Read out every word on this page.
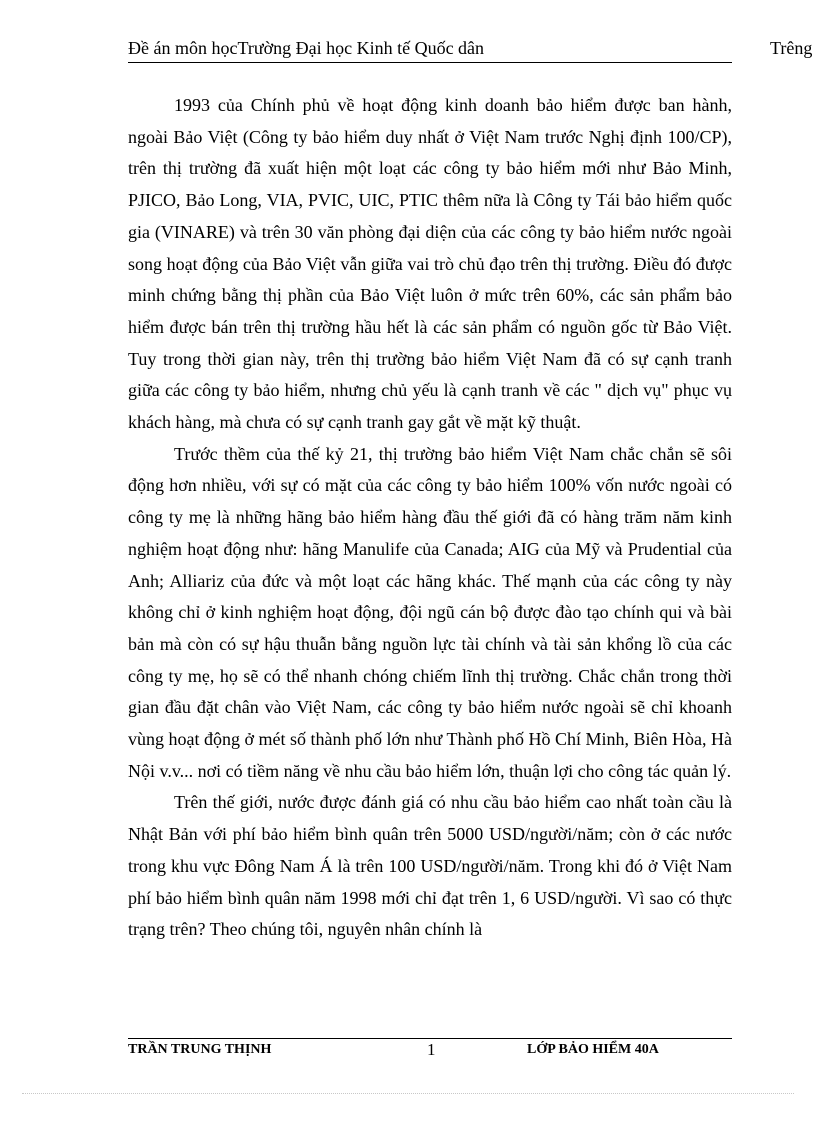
Đề án môn họcTrường Đại học Kinh tế Quốc dân	Trêng

1993 của Chính phủ về hoạt động kinh doanh bảo hiểm được ban hành, ngoài Bảo Việt (Công ty bảo hiểm duy nhất ở Việt Nam trước Nghị định 100/CP), trên thị trường đã xuất hiện một loạt các công ty bảo hiểm mới như Bảo Minh, PJICO, Bảo Long, VIA, PVIC, UIC, PTIC thêm nữa là Công ty Tái bảo hiểm quốc gia (VINARE) và trên 30 văn phòng đại diện của các công ty bảo hiểm nước ngoài song hoạt động của Bảo Việt vẫn giữa vai trò chủ đạo trên thị trường. Điều đó được minh chứng bằng thị phần của Bảo Việt luôn ở mức trên 60%, các sản phẩm bảo hiểm được bán trên thị trường hầu hết là các sản phẩm có nguồn gốc từ Bảo Việt. Tuy trong thời gian này, trên thị trường bảo hiểm Việt Nam đã có sự cạnh tranh giữa các công ty bảo hiểm, nhưng chủ yếu là cạnh tranh về các " dịch vụ" phục vụ khách hàng, mà chưa có sự cạnh tranh gay gắt về mặt kỹ thuật.

Trước thềm của thế kỷ 21, thị trường bảo hiểm Việt Nam chắc chắn sẽ sôi động hơn nhiều, với sự có mặt của các công ty bảo hiểm 100% vốn nước ngoài có công ty mẹ là những hãng bảo hiểm hàng đầu thế giới đã có hàng trăm năm kinh nghiệm hoạt động như: hãng Manulife của Canada; AIG của Mỹ và Prudential của Anh; Alliariz của đức và một loạt các hãng khác. Thế mạnh của các công ty này không chỉ ở kinh nghiệm hoạt động, đội ngũ cán bộ được đào tạo chính qui và bài bản mà còn có sự hậu thuẫn bằng nguồn lực tài chính và tài sản khổng lồ của các công ty mẹ, họ sẽ có thể nhanh chóng chiếm lĩnh thị trường. Chắc chắn trong thời gian đầu đặt chân vào Việt Nam, các công ty bảo hiểm nước ngoài sẽ chỉ khoanh vùng hoạt động ở mét số thành phố lớn như Thành phố Hồ Chí Minh, Biên Hòa, Hà Nội v.v... nơi có tiềm năng về nhu cầu bảo hiểm lớn, thuận lợi cho công tác quản lý.

Trên thế giới, nước được đánh giá có nhu cầu bảo hiểm cao nhất toàn cầu là Nhật Bản với phí bảo hiểm bình quân trên 5000 USD/người/năm; còn ở các nước trong khu vực Đông Nam Á là trên 100 USD/người/năm. Trong khi đó ở Việt Nam phí bảo hiểm bình quân năm 1998 mới chỉ đạt trên 1, 6 USD/người. Vì sao có thực trạng trên? Theo chúng tôi, nguyên nhân chính là

TRẦN TRUNG THỊNH	1	LỚP BẢO HIỂM 40A
